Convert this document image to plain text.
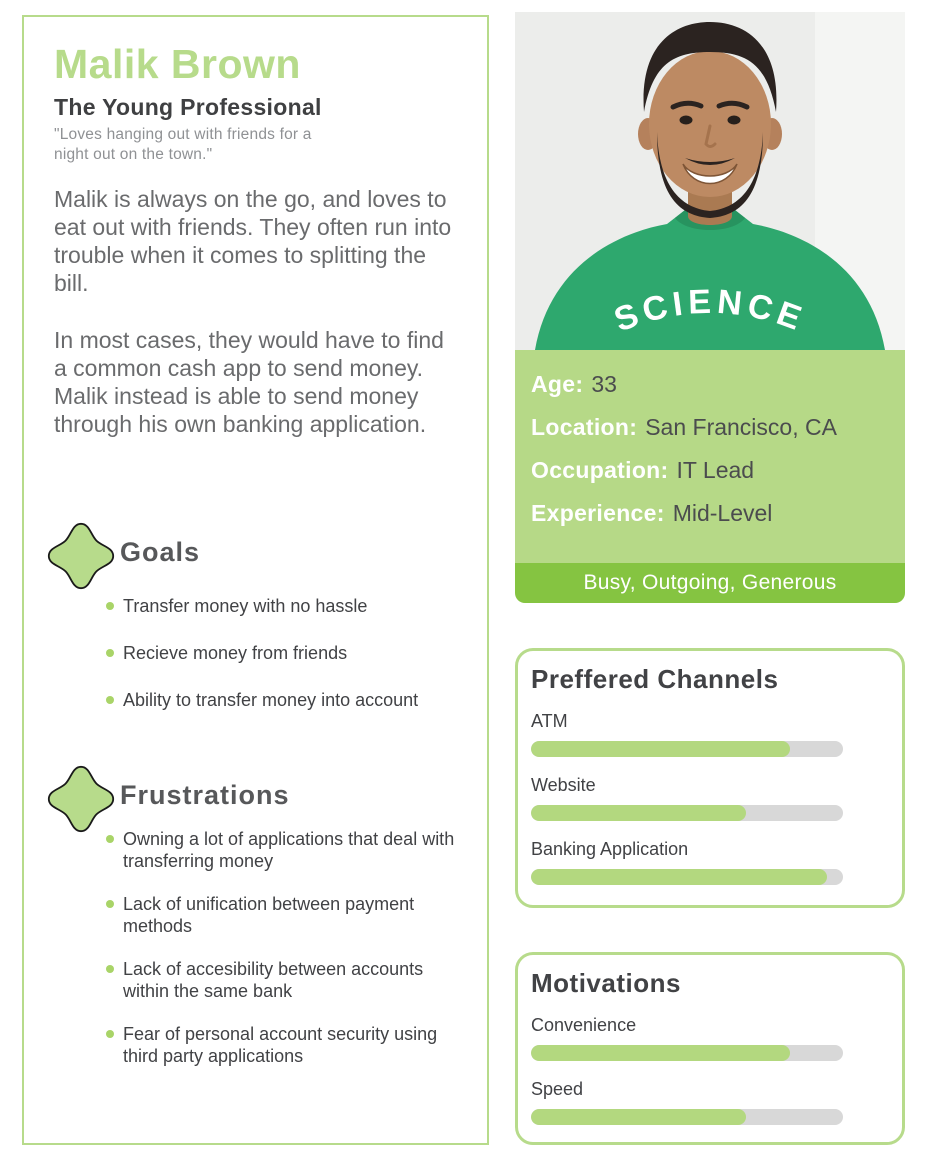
Malik Brown
The Young Professional

"Loves hanging out with friends for a night out on the town."

Malik is always on the go, and loves to eat out with friends. They often run into trouble when it comes to splitting the bill.

In most cases, they would have to find a common cash app to send money. Malik instead is able to send money through his own banking application.

Goals
Transfer money with no hassle
Recieve money from friends
Ability to transfer money into account
Frustrations
Owning a lot of applications that deal with transferring money
Lack of unification between payment methods
Lack of accesibility between accounts within the same bank
Fear of personal account security using third party applications
SCIENCE
Age: 33
Location: San Francisco, CA
Occupation: IT Lead
Experience: Mid-Level
Busy, Outgoing, Generous
Preffered Channels
ATM
Website
Banking Application
Motivations
Convenience
Speed
